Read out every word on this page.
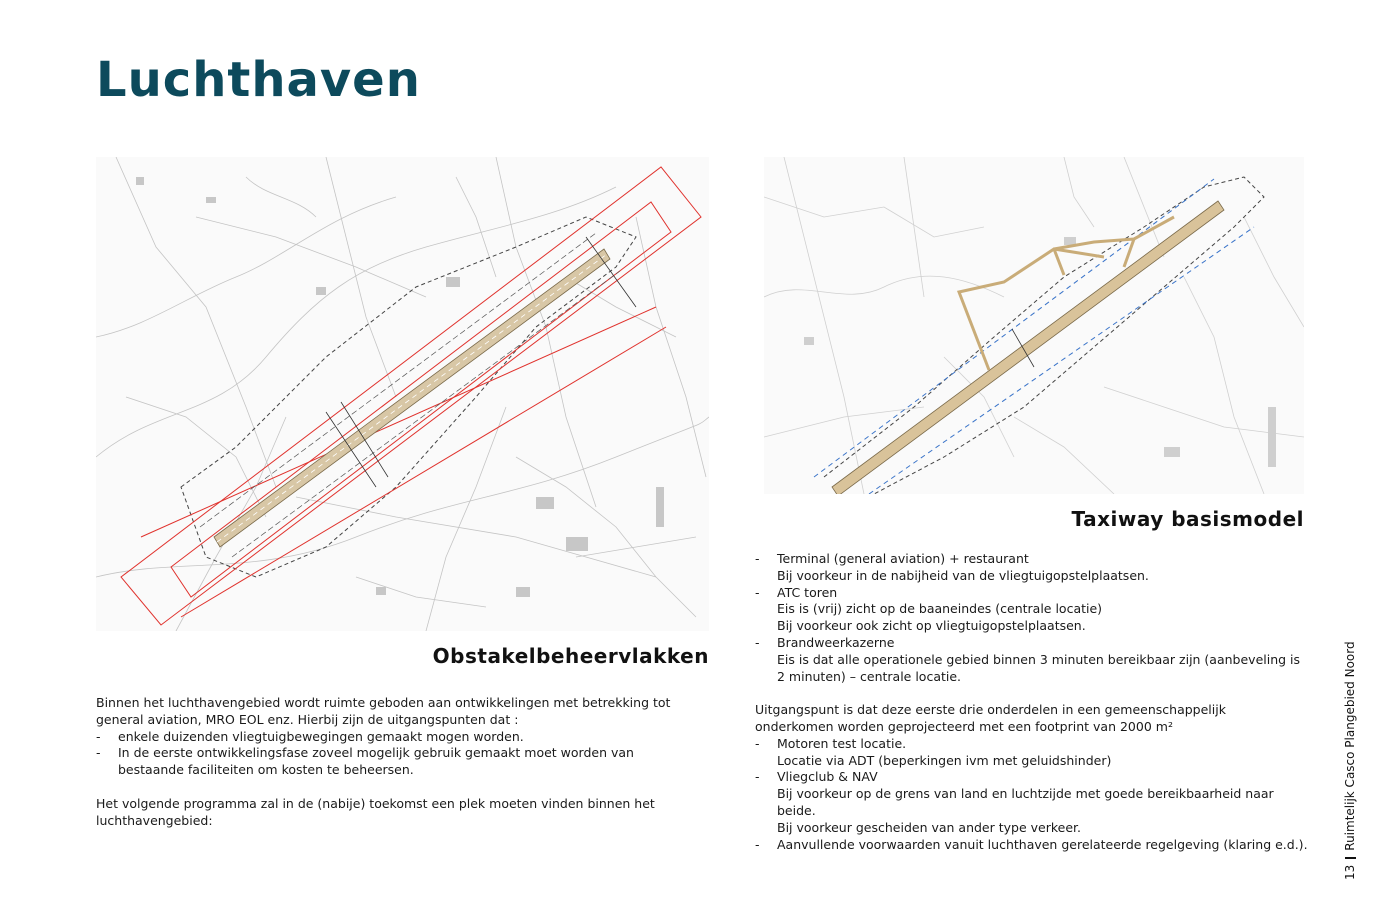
Luchthaven
Obstakelbeheervlakken
Taxiway basismodel

Binnen het luchthavengebied wordt ruimte geboden aan ontwikkelingen met betrekking tot

general aviation, MRO EOL enz. Hierbij zijn de uitgangspunten dat :

- enkele duizenden vliegtuigbewegingen gemaakt mogen worden.
- In de eerste ontwikkelingsfase zoveel mogelijk gebruik gemaakt moet worden van
bestaande faciliteiten om kosten te beheersen.

Het volgende programma zal in de (nabije) toekomst een plek moeten vinden binnen het

luchthavengebied:

- Terminal (general aviation) + restaurant
Bij voorkeur in de nabijheid van de vliegtuigopstelplaatsen.
- ATC toren
Eis is (vrij) zicht op de baaneindes (centrale locatie)
Bij voorkeur ook zicht op vliegtuigopstelplaatsen.
- Brandweerkazerne
Eis is dat alle operationele gebied binnen 3 minuten bereikbaar zijn (aanbeveling is
2 minuten) – centrale locatie.

Uitgangspunt is dat deze eerste drie onderdelen in een gemeenschappelijk

onderkomen worden geprojecteerd met een footprint van 2000 m²

- Motoren test locatie.
Locatie via ADT (beperkingen ivm met geluidshinder)
- Vliegclub & NAV
Bij voorkeur op de grens van land en luchtzijde met goede bereikbaarheid naar beide.
Bij voorkeur gescheiden van ander type verkeer.
- Aanvullende voorwaarden vanuit luchthaven gerelateerde regelgeving (klaring e.d.).
13Ruimtelijk Casco Plangebied Noord
